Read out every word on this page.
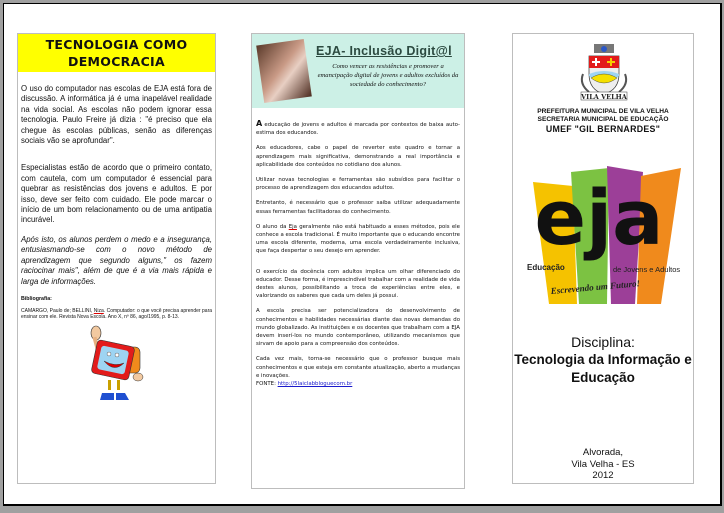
TECNOLOGIA COMO DEMOCRACIA

O uso do computador nas escolas de EJA está fora de discussão. A informática já é uma inapelável realidade na vida social. As escolas não podem ignorar essa tecnologia. Paulo Freire já dizia : "é preciso que ela chegue às escolas públicas, senão as diferenças sociais vão se aprofundar".

Especialistas estão de acordo que o primeiro contato, com cautela, com um computador é essencial para quebrar as resistências dos jovens e adultos. E por isso, deve ser feito com cuidado. Ele pode marcar o início de um bom relacionamento ou de uma antipatia incurável.

Após isto, os alunos perdem o medo e a insegurança, entusiasmando-se com o novo método de aprendizagem que segundo alguns," os fazem raciocinar mais", além de que é a via mais rápida e larga de informações.

Bibliografia:

CAMARGO, Paulo de; BELLINI, Niza. Computador: o que você precisa aprender para ensinar com ele. Revista Nova Escola. Ano X, nº 86, ago/1995, p. 8-13.

EJA- Inclusão Digit@l
Como vencer as resistências e promover a emancipação digital de jovens e adultos excluídos da sociedade do conhecimento?

A educação de jovens e adultos é marcada por contextos de baixa auto-estima dos educandos.

Aos educadores, cabe o papel de reverter este quadro e tornar a aprendizagem mais significativa, demonstrando a real importância e aplicabilidade dos conteúdos no cotidiano dos alunos.

Utilizar novas tecnologias e ferramentas são subsídios para facilitar o processo de aprendizagem dos educandos adultos.

Entretanto, é necessário que o professor saiba utilizar adequadamente essas ferramentas facilitadoras do conhecimento.

O aluno da Eja geralmente não está habituado a esses métodos, pois ele conhece a escola tradicional. É muito importante que o educando encontre uma escola diferente, moderna, uma escola verdadeiramente inclusiva, que faça despertar o seu desejo em aprender.

O exercício da docência com adultos implica um olhar diferenciado do educador. Desse forma, é imprescindível trabalhar com a realidade de vida destes alunos, possibilitando a troca de experiências entre eles, e valorizando os saberes que cada um deles já possui.

A escola precisa ser potencializadora do desenvolvimento de conhecimentos e habilidades necessárias diante das novas demandas do mundo globalizado. As instituições e os docentes que trabalham com a EJA devem inserí-los no mundo contemporâneo, utilizando mecanismos que sirvam de apoio para a compreensão dos conteúdos.

Cada vez mais, torna-se necessário que o professor busque mais conhecimentos e que esteja em constante atualização, aberto a mudanças e inovações.

FONTE: http://5laiclabbloguecom.br

VILA VELHA
PREFEITURA MUNICIPAL DE VILA VELHA
SECRETARIA MUNICIPAL DE EDUCAÇÃO
UMEF "GIL BERNARDES"
eja
Educação	de Jovens e Adultos
Escrevendo um Futuro!
Disciplina:
Tecnologia da Informação e Educação
Alvorada,
Vila Velha - ES
2012
